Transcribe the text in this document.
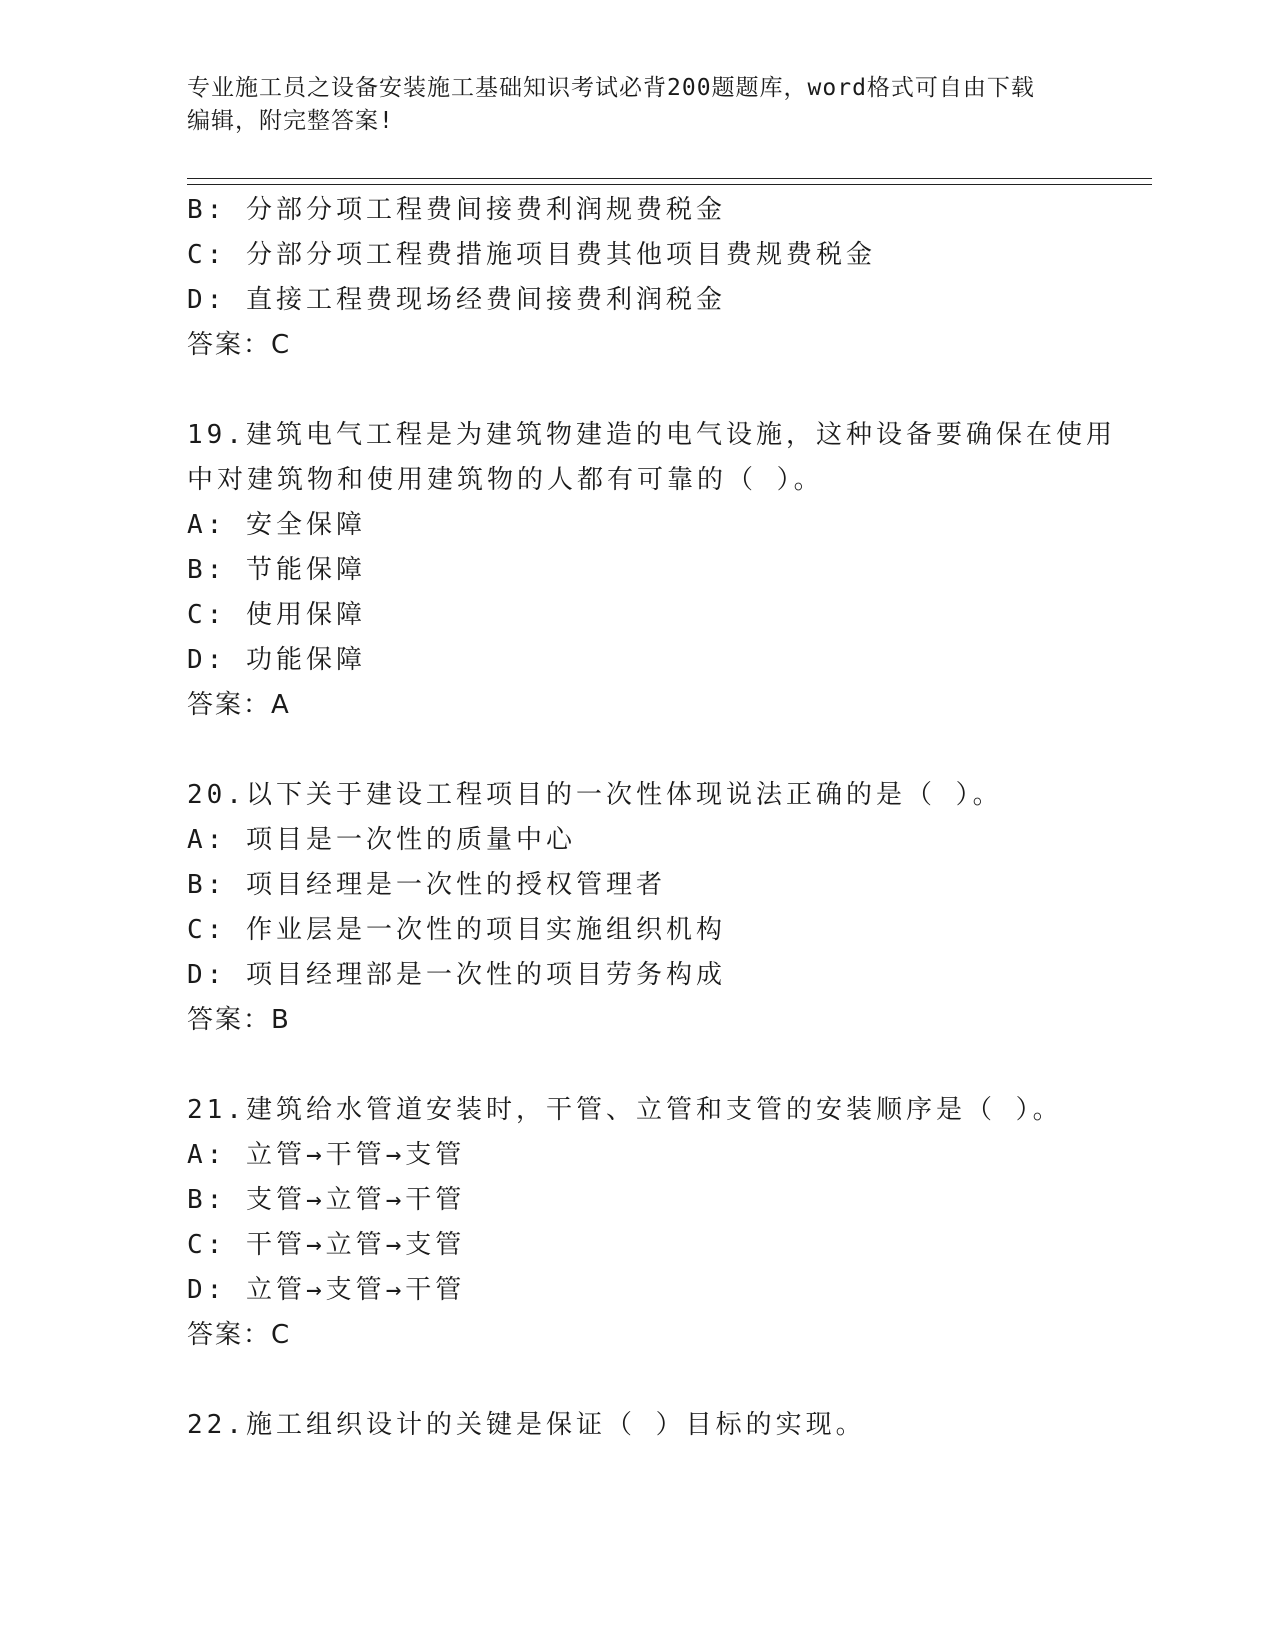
专业施工员之设备安装施工基础知识考试必背200题题库，word格式可自由下载
编辑，附完整答案!
B: 分部分项工程费间接费利润规费税金
C: 分部分项工程费措施项目费其他项目费规费税金
D: 直接工程费现场经费间接费利润税金
答案：C
19.建筑电气工程是为建筑物建造的电气设施，这种设备要确保在使用
中对建筑物和使用建筑物的人都有可靠的（ ）。
A: 安全保障
B: 节能保障
C: 使用保障
D: 功能保障
答案：A
20.以下关于建设工程项目的一次性体现说法正确的是（ ）。
A: 项目是一次性的质量中心
B: 项目经理是一次性的授权管理者
C: 作业层是一次性的项目实施组织机构
D: 项目经理部是一次性的项目劳务构成
答案：B
21.建筑给水管道安装时，干管、立管和支管的安装顺序是（ ）。
A: 立管→干管→支管
B: 支管→立管→干管
C: 干管→立管→支管
D: 立管→支管→干管
答案：C
22.施工组织设计的关键是保证（ ）目标的实现。
